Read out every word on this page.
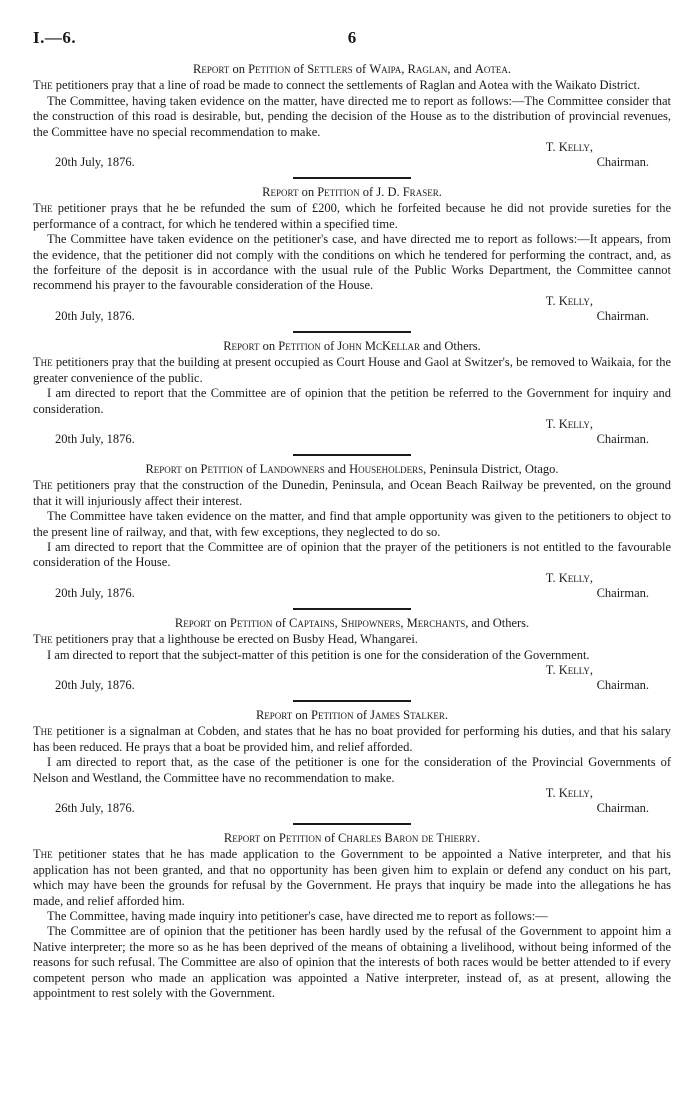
I.—6.	6
Report on Petition of Settlers of Waipa, Raglan, and Aotea.

The petitioners pray that a line of road be made to connect the settlements of Raglan and Aotea with the Waikato District.

The Committee, having taken evidence on the matter, have directed me to report as follows:—The Committee consider that the construction of this road is desirable, but, pending the decision of the House as to the distribution of provincial revenues, the Committee have no special recommendation to make.

T. Kelly,
Chairman.
20th July, 1876.
Report on Petition of J. D. Fraser.

The petitioner prays that he be refunded the sum of £200, which he forfeited because he did not provide sureties for the performance of a contract, for which he tendered within a specified time.

The Committee have taken evidence on the petitioner's case, and have directed me to report as follows:—It appears, from the evidence, that the petitioner did not comply with the conditions on which he tendered for performing the contract, and, as the forfeiture of the deposit is in accordance with the usual rule of the Public Works Department, the Committee cannot recommend his prayer to the favourable consideration of the House.

T. Kelly,
Chairman.
20th July, 1876.
Report on Petition of John McKellar and Others.

The petitioners pray that the building at present occupied as Court House and Gaol at Switzer's, be removed to Waikaia, for the greater convenience of the public.

I am directed to report that the Committee are of opinion that the petition be referred to the Government for inquiry and consideration.

T. Kelly,
Chairman.
20th July, 1876.
Report on Petition of Landowners and Householders, Peninsula District, Otago.

The petitioners pray that the construction of the Dunedin, Peninsula, and Ocean Beach Railway be prevented, on the ground that it will injuriously affect their interest.

The Committee have taken evidence on the matter, and find that ample opportunity was given to the petitioners to object to the present line of railway, and that, with few exceptions, they neglected to do so.

I am directed to report that the Committee are of opinion that the prayer of the petitioners is not entitled to the favourable consideration of the House.

T. Kelly,
Chairman.
20th July, 1876.
Report on Petition of Captains, Shipowners, Merchants, and Others.

The petitioners pray that a lighthouse be erected on Busby Head, Whangarei.

I am directed to report that the subject-matter of this petition is one for the consideration of the Government.

T. Kelly,
Chairman.
20th July, 1876.
Report on Petition of James Stalker.

The petitioner is a signalman at Cobden, and states that he has no boat provided for performing his duties, and that his salary has been reduced. He prays that a boat be provided him, and relief afforded.

I am directed to report that, as the case of the petitioner is one for the consideration of the Provincial Governments of Nelson and Westland, the Committee have no recommendation to make.

T. Kelly,
Chairman.
26th July, 1876.
Report on Petition of Charles Baron de Thierry.

The petitioner states that he has made application to the Government to be appointed a Native interpreter, and that his application has not been granted, and that no opportunity has been given him to explain or defend any conduct on his part, which may have been the grounds for refusal by the Government. He prays that inquiry be made into the allegations he has made, and relief afforded him.

The Committee, having made inquiry into petitioner's case, have directed me to report as follows:—

The Committee are of opinion that the petitioner has been hardly used by the refusal of the Government to appoint him a Native interpreter; the more so as he has been deprived of the means of obtaining a livelihood, without being informed of the reasons for such refusal. The Committee are also of opinion that the interests of both races would be better attended to if every competent person who made an application was appointed a Native interpreter, instead of, as at present, allowing the appointment to rest solely with the Government.
